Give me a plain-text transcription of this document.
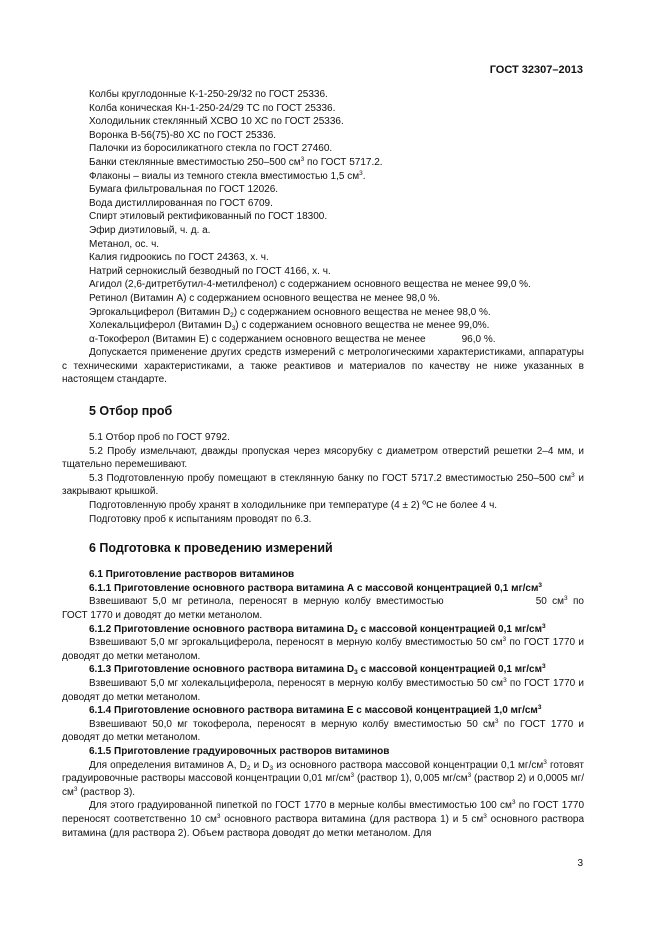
ГОСТ 32307–2013
Колбы круглодонные К-1-250-29/32 по ГОСТ 25336.
Колба коническая Кн-1-250-24/29 ТС по ГОСТ 25336.
Холодильник стеклянный ХСВО 10 ХС по ГОСТ 25336.
Воронка В-56(75)-80 ХС по ГОСТ 25336.
Палочки из боросиликатного стекла по ГОСТ 27460.
Банки стеклянные вместимостью 250–500 $см^3$ по ГОСТ 5717.2.
Флаконы – виалы из темного стекла вместимостью 1,5 $см^3$.
Бумага фильтровальная по ГОСТ 12026.
Вода дистиллированная по ГОСТ 6709.
Спирт этиловый ректификованный по ГОСТ 18300.
Эфир диэтиловый, ч. д. а.
Метанол, ос. ч.
Калия гидроокись по ГОСТ 24363, х. ч.
Натрий сернокислый безводный по ГОСТ 4166, х. ч.
Агидол (2,6-дитретбутил-4-метилфенол) с содержанием основного вещества не менее 99,0 %.
Ретинол (Витамин А) с содержанием основного вещества не менее 98,0 %.
Эргокальциферол (Витамин $D_2$) с содержанием основного вещества не менее 98,0 %.
Холекальциферол (Витамин $D_3$) с содержанием основного вещества не менее 99,0%.
α-Токоферол (Витамин Е) с содержанием основного вещества не менее	96,0 %.
Допускается применение других средств измерений с метрологическими характеристиками, аппаратуры с техническими характеристиками, а также реактивов и материалов по качеству не ниже указанных в настоящем стандарте.
5 Отбор проб
5.1 Отбор проб по ГОСТ 9792.
5.2 Пробу измельчают, дважды пропуская через мясорубку с диаметром отверстий решетки 2–4 мм, и тщательно перемешивают.
5.3 Подготовленную пробу помещают в стеклянную банку по ГОСТ 5717.2 вместимостью 250–500 $см^3$ и закрывают крышкой.
Подготовленную пробу хранят в холодильнике при температуре (4 ± 2) ºС не более 4 ч.
Подготовку проб к испытаниям проводят по 6.3.
6 Подготовка к проведению измерений
6.1 Приготовление растворов витаминов
6.1.1 Приготовление основного раствора витамина А с массовой концентрацией 0,1 $мг/см^3$
Взвешивают 5,0 мг ретинола, переносят в мерную колбу вместимостью	50 $см^3$ по ГОСТ 1770 и доводят до метки метанолом.
6.1.2 Приготовление основного раствора витамина $D_2$ с массовой концентрацией 0,1 $мг/см^3$
Взвешивают 5,0 мг эргокальциферола, переносят в мерную колбу вместимостью 50 $см^3$ по ГОСТ 1770 и доводят до метки метанолом.
6.1.3 Приготовление основного раствора витамина $D_3$ с массовой концентрацией 0,1 $мг/см^3$
Взвешивают 5,0 мг холекальциферола, переносят в мерную колбу вместимостью 50 $см^3$ по ГОСТ 1770 и доводят до метки метанолом.
6.1.4 Приготовление основного раствора витамина Е с массовой концентрацией 1,0 $мг/см^3$
Взвешивают 50,0 мг токоферола, переносят в мерную колбу вместимостью 50 $см^3$ по ГОСТ 1770 и доводят до метки метанолом.
6.1.5 Приготовление градуировочных растворов витаминов
Для определения витаминов А, $D_2$ и $D_3$ из основного раствора массовой концентрации 0,1 $мг/см^3$ готовят градуировочные растворы массовой концентрации 0,01 $мг/см^3$ (раствор 1), 0,005 $мг/см^3$ (раствор 2) и 0,0005 $мг/см^3$ (раствор 3).
Для этого градуированной пипеткой по ГОСТ 1770 в мерные колбы вместимостью 100 $см^3$ по ГОСТ 1770 переносят соответственно 10 $см^3$ основного раствора витамина (для раствора 1) и 5 $см^3$ основного раствора витамина (для раствора 2). Объем раствора доводят до метки метанолом. Для
3
